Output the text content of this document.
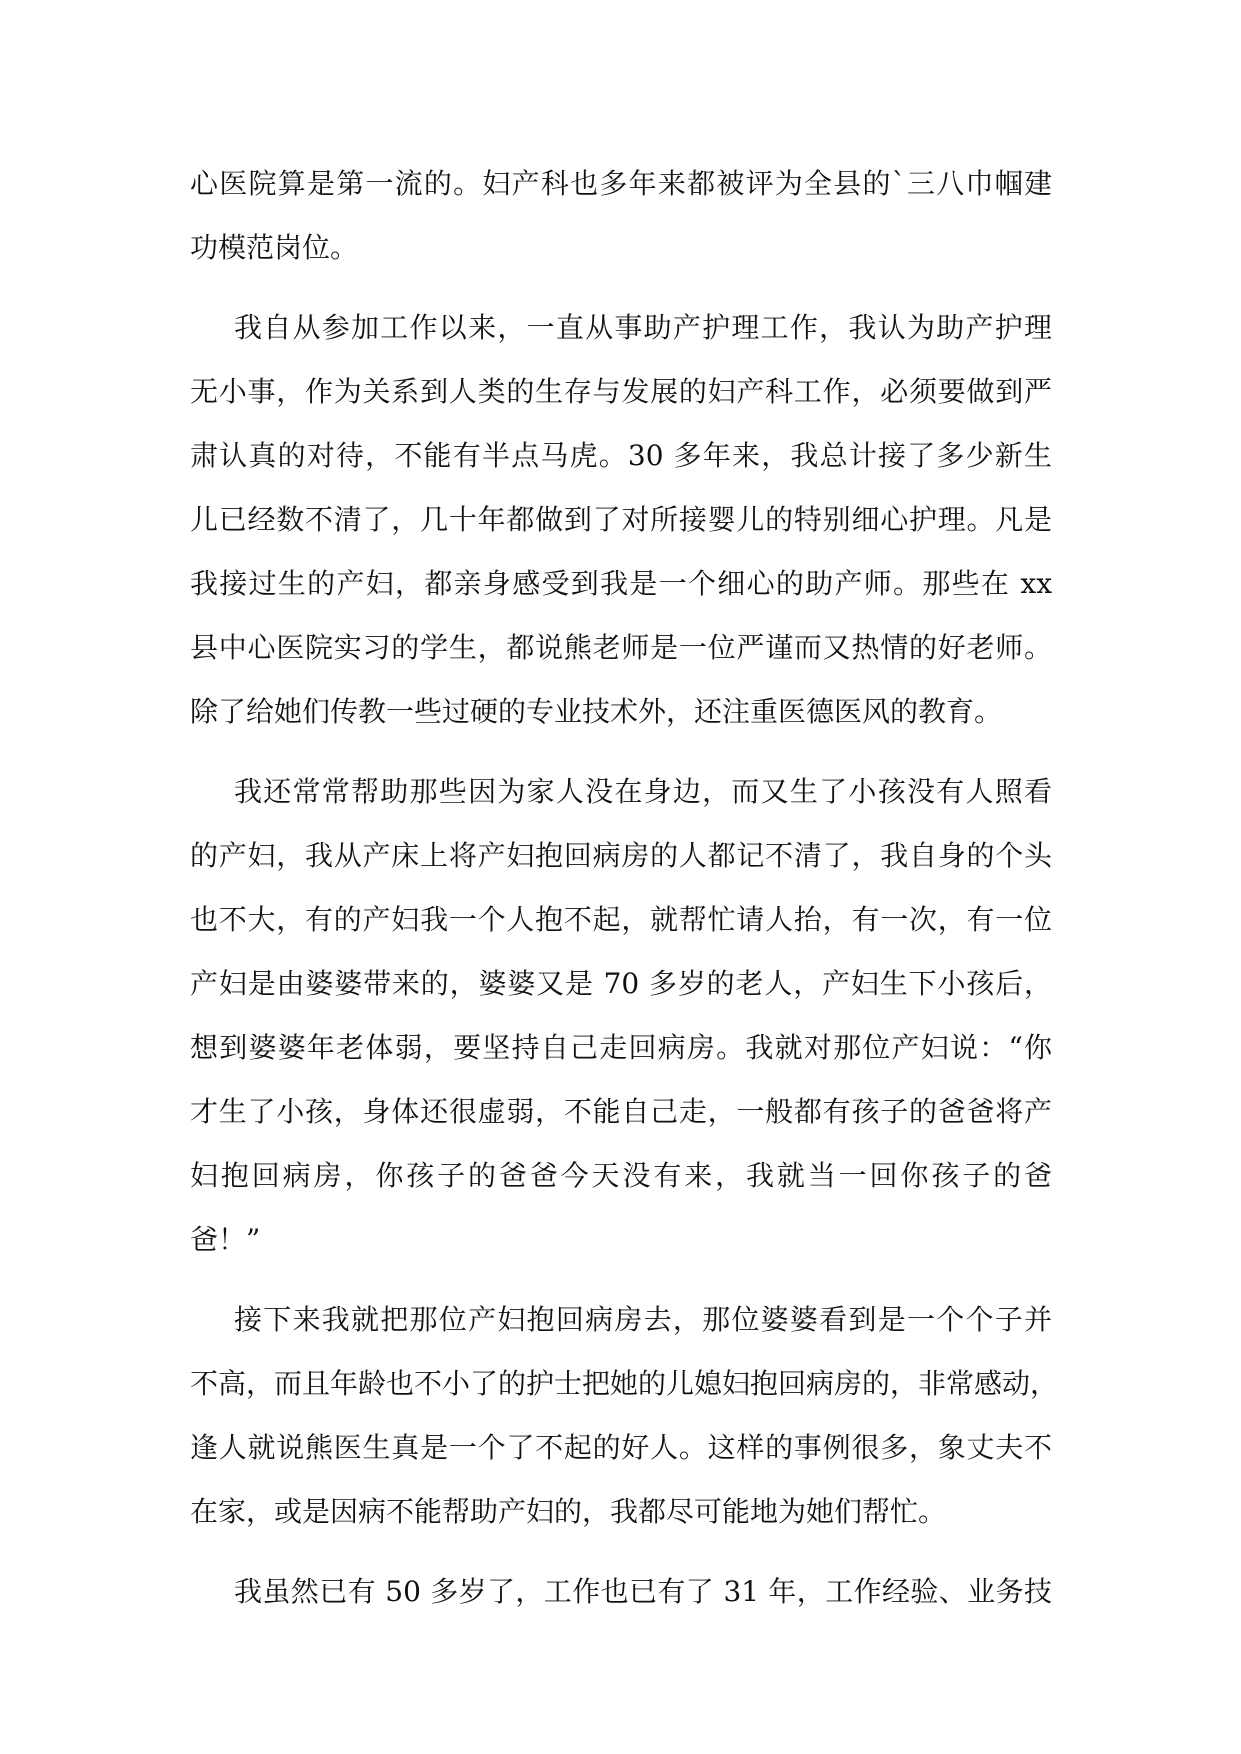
心医院算是第一流的。妇产科也多年来都被评为全县的`三八巾帼建
功模范岗位。
我自从参加工作以来，一直从事助产护理工作，我认为助产护理
无小事，作为关系到人类的生存与发展的妇产科工作，必须要做到严
肃认真的对待，不能有半点马虎。30 多年来，我总计接了多少新生
儿已经数不清了，几十年都做到了对所接婴儿的特别细心护理。凡是
我接过生的产妇，都亲身感受到我是一个细心的助产师。那些在 xx
县中心医院实习的学生，都说熊老师是一位严谨而又热情的好老师。
除了给她们传教一些过硬的专业技术外，还注重医德医风的教育。
我还常常帮助那些因为家人没在身边，而又生了小孩没有人照看
的产妇，我从产床上将产妇抱回病房的人都记不清了，我自身的个头
也不大，有的产妇我一个人抱不起，就帮忙请人抬，有一次，有一位
产妇是由婆婆带来的，婆婆又是 70 多岁的老人，产妇生下小孩后，
想到婆婆年老体弱，要坚持自己走回病房。我就对那位产妇说：“你
才生了小孩，身体还很虚弱，不能自己走，一般都有孩子的爸爸将产
妇抱回病房，你孩子的爸爸今天没有来，我就当一回你孩子的爸
爸！”
接下来我就把那位产妇抱回病房去，那位婆婆看到是一个个子并
不高，而且年龄也不小了的护士把她的儿媳妇抱回病房的，非常感动，
逢人就说熊医生真是一个了不起的好人。这样的事例很多，象丈夫不
在家，或是因病不能帮助产妇的，我都尽可能地为她们帮忙。
我虽然已有 50 多岁了，工作也已有了 31 年，工作经验、业务技
